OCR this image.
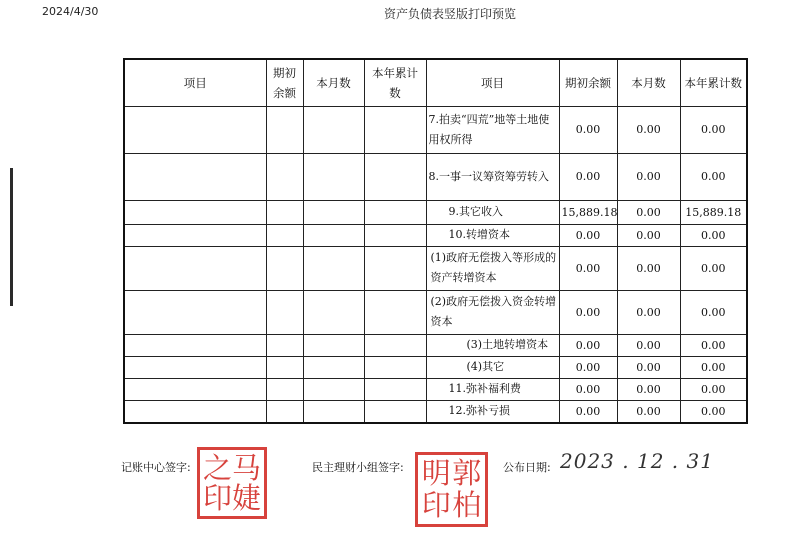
2024/4/30	资产负债表竖版打印预览
项目	期初余额	本月数	本年累计数	项目	期初余额	本月数	本年累计数
				7.拍卖“四荒”地等土地使用权所得	0.00	0.00	0.00
				8.一事一议筹资筹劳转入	0.00	0.00	0.00
				9.其它收入	15,889.18	0.00	15,889.18
				10.转增资本	0.00	0.00	0.00
				(1)政府无偿拨入等形成的资产转增资本	0.00	0.00	0.00
				(2)政府无偿拨入资金转增资本	0.00	0.00	0.00
				(3)土地转增资本	0.00	0.00	0.00
				(4)其它	0.00	0.00	0.00
				11.弥补福利费	0.00	0.00	0.00
				12.弥补亏损	0.00	0.00	0.00
记账中心签字: 之 马
印 婕
民主理财小组签字: 明 郭
印 柏
公布日期: 2023 . 12 . 31
